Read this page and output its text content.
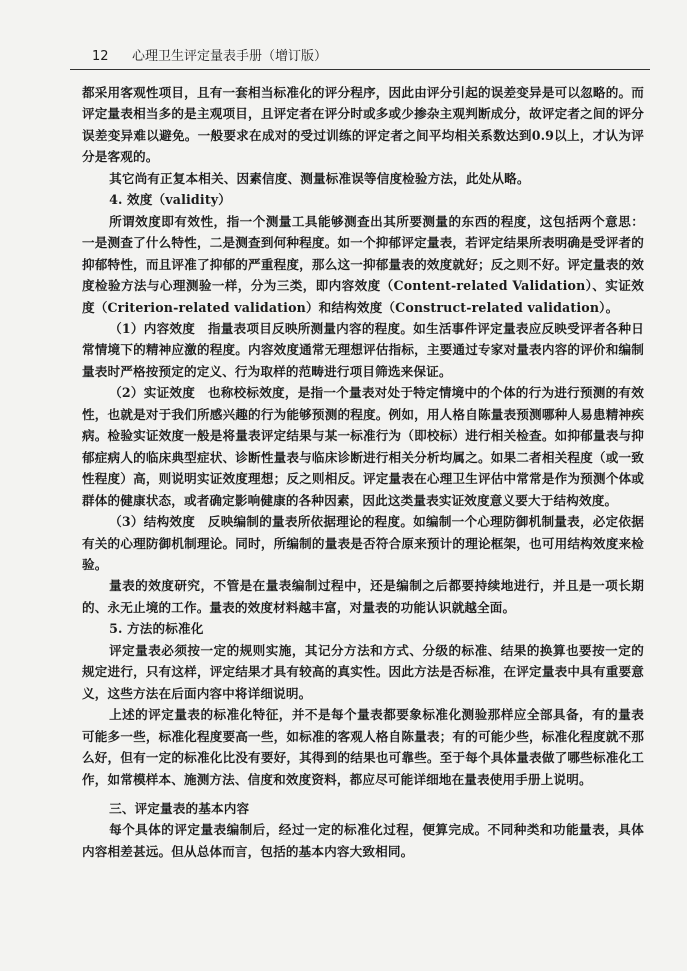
12 心理卫生评定量表手册（增订版）

都采用客观性项目，且有一套相当标准化的评分程序，因此由评分引起的误差变异是可以忽略的。而评定量表相当多的是主观项目，且评定者在评分时或多或少掺杂主观判断成分，故评定者之间的评分误差变异难以避免。一般要求在成对的受过训练的评定者之间平均相关系数达到0.9以上，才认为评分是客观的。

其它尚有正复本相关、因素信度、测量标准误等信度检验方法，此处从略。

4. 效度（validity）

所谓效度即有效性，指一个测量工具能够测查出其所要测量的东西的程度，这包括两个意思：一是测查了什么特性，二是测查到何种程度。如一个抑郁评定量表，若评定结果所表明确是受评者的抑郁特性，而且评准了抑郁的严重程度，那么这一抑郁量表的效度就好；反之则不好。评定量表的效度检验方法与心理测验一样，分为三类，即内容效度（Content-related Validation）、实证效度（Criterion-related validation）和结构效度（Construct-related validation）。

（1）内容效度　指量表项目反映所测量内容的程度。如生活事件评定量表应反映受评者各种日常情境下的精神应激的程度。内容效度通常无理想评估指标，主要通过专家对量表内容的评价和编制量表时严格按预定的定义、行为取样的范畴进行项目筛选来保证。

（2）实证效度　也称校标效度，是指一个量表对处于特定情境中的个体的行为进行预测的有效性，也就是对于我们所感兴趣的行为能够预测的程度。例如，用人格自陈量表预测哪种人易患精神疾病。检验实证效度一般是将量表评定结果与某一标准行为（即校标）进行相关检查。如抑郁量表与抑郁症病人的临床典型症状、诊断性量表与临床诊断进行相关分析均属之。如果二者相关程度（或一致性程度）高，则说明实证效度理想；反之则相反。评定量表在心理卫生评估中常常是作为预测个体或群体的健康状态，或者确定影响健康的各种因素，因此这类量表实证效度意义要大于结构效度。

（3）结构效度　反映编制的量表所依据理论的程度。如编制一个心理防御机制量表，必定依据有关的心理防御机制理论。同时，所编制的量表是否符合原来预计的理论框架，也可用结构效度来检验。

量表的效度研究，不管是在量表编制过程中，还是编制之后都要持续地进行，并且是一项长期的、永无止境的工作。量表的效度材料越丰富，对量表的功能认识就越全面。

5. 方法的标准化

评定量表必须按一定的规则实施，其记分方法和方式、分级的标准、结果的换算也要按一定的规定进行，只有这样，评定结果才具有较高的真实性。因此方法是否标准，在评定量表中具有重要意义，这些方法在后面内容中将详细说明。

上述的评定量表的标准化特征，并不是每个量表都要象标准化测验那样应全部具备，有的量表可能多一些，标准化程度要高一些，如标准的客观人格自陈量表；有的可能少些，标准化程度就不那么好，但有一定的标准化比没有要好，其得到的结果也可靠些。至于每个具体量表做了哪些标准化工作，如常模样本、施测方法、信度和效度资料，都应尽可能详细地在量表使用手册上说明。

三、评定量表的基本内容

每个具体的评定量表编制后，经过一定的标准化过程，便算完成。不同种类和功能量表，具体内容相差甚远。但从总体而言，包括的基本内容大致相同。
